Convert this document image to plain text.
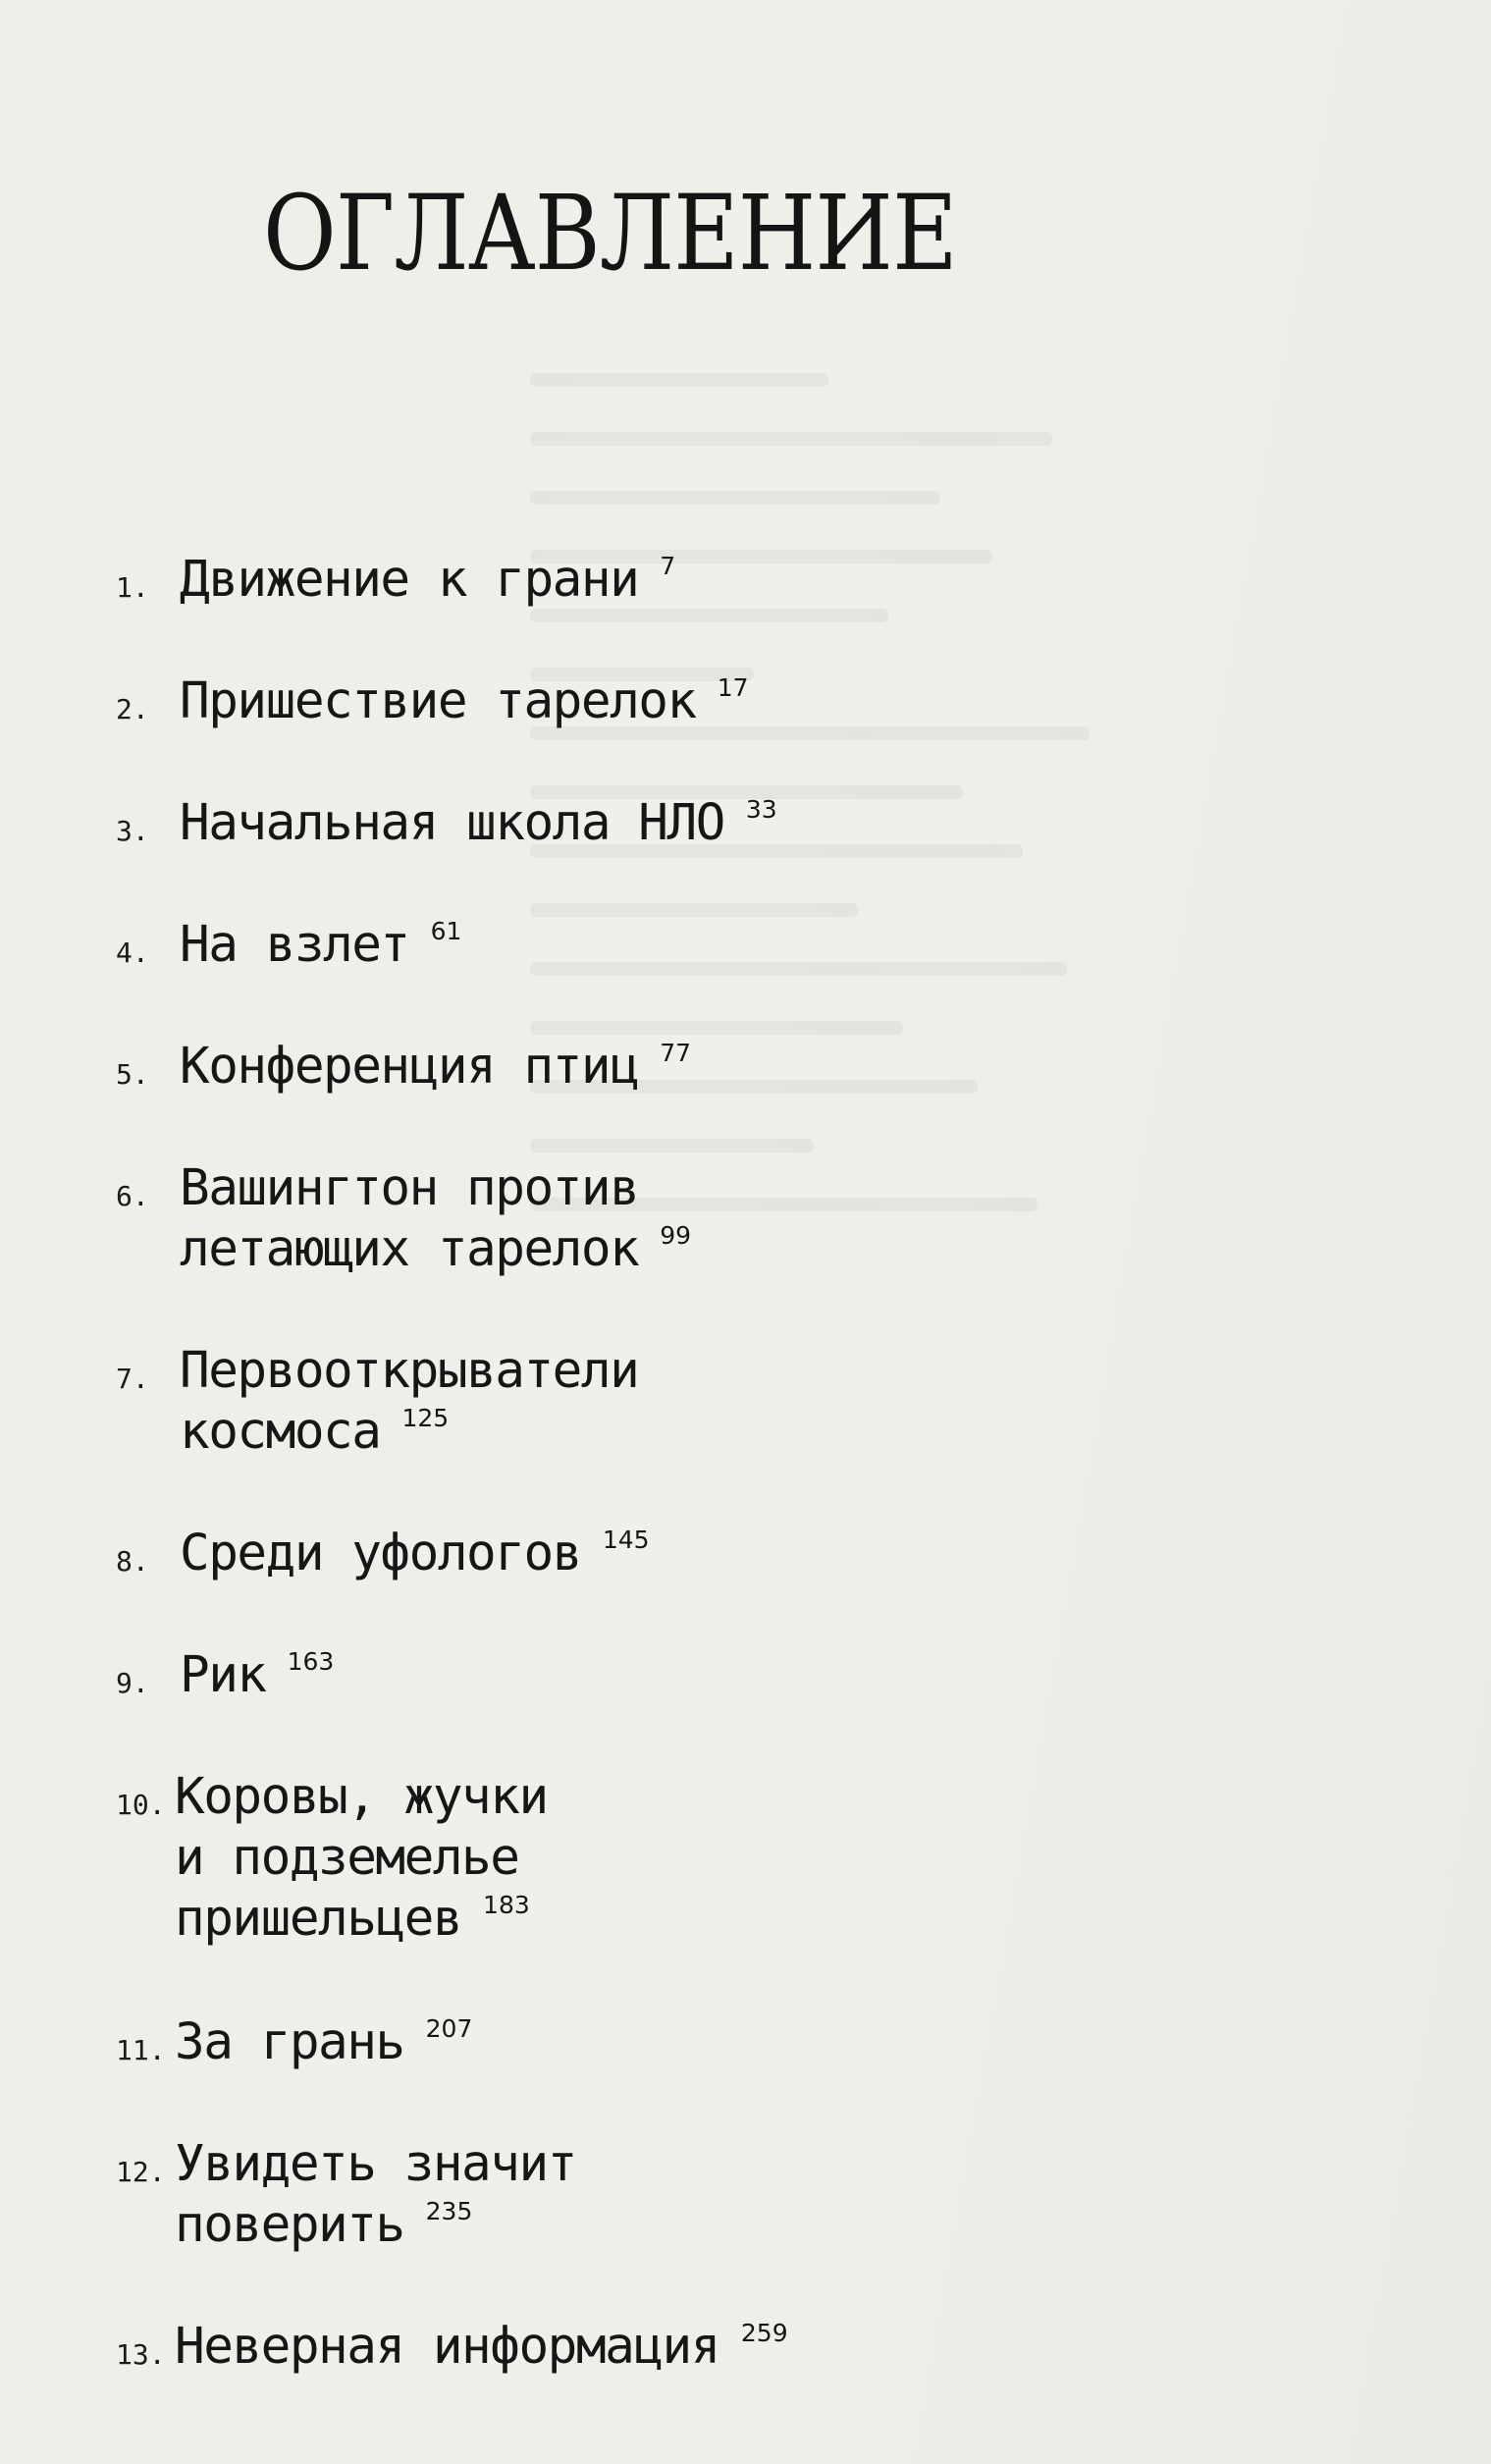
ОГЛАВЛЕНИЕ
1. Движение к грани $^7$
2. Пришествие тарелок $^{17}$
3. Начальная школа НЛО $^{33}$
4. На взлет $^{61}$
5. Конференция птиц $^{77}$
6. Вашингтон против
летающих тарелок $^{99}$
7. Первооткрыватели
космоса $^{125}$
8. Среди уфологов $^{145}$
9. Рик $^{163}$
10. Коровы, жучки
и подземелье
пришельцев $^{183}$
11. За грань $^{207}$
12. Увидеть значит
поверить $^{235}$
13. Неверная информация $^{259}$
